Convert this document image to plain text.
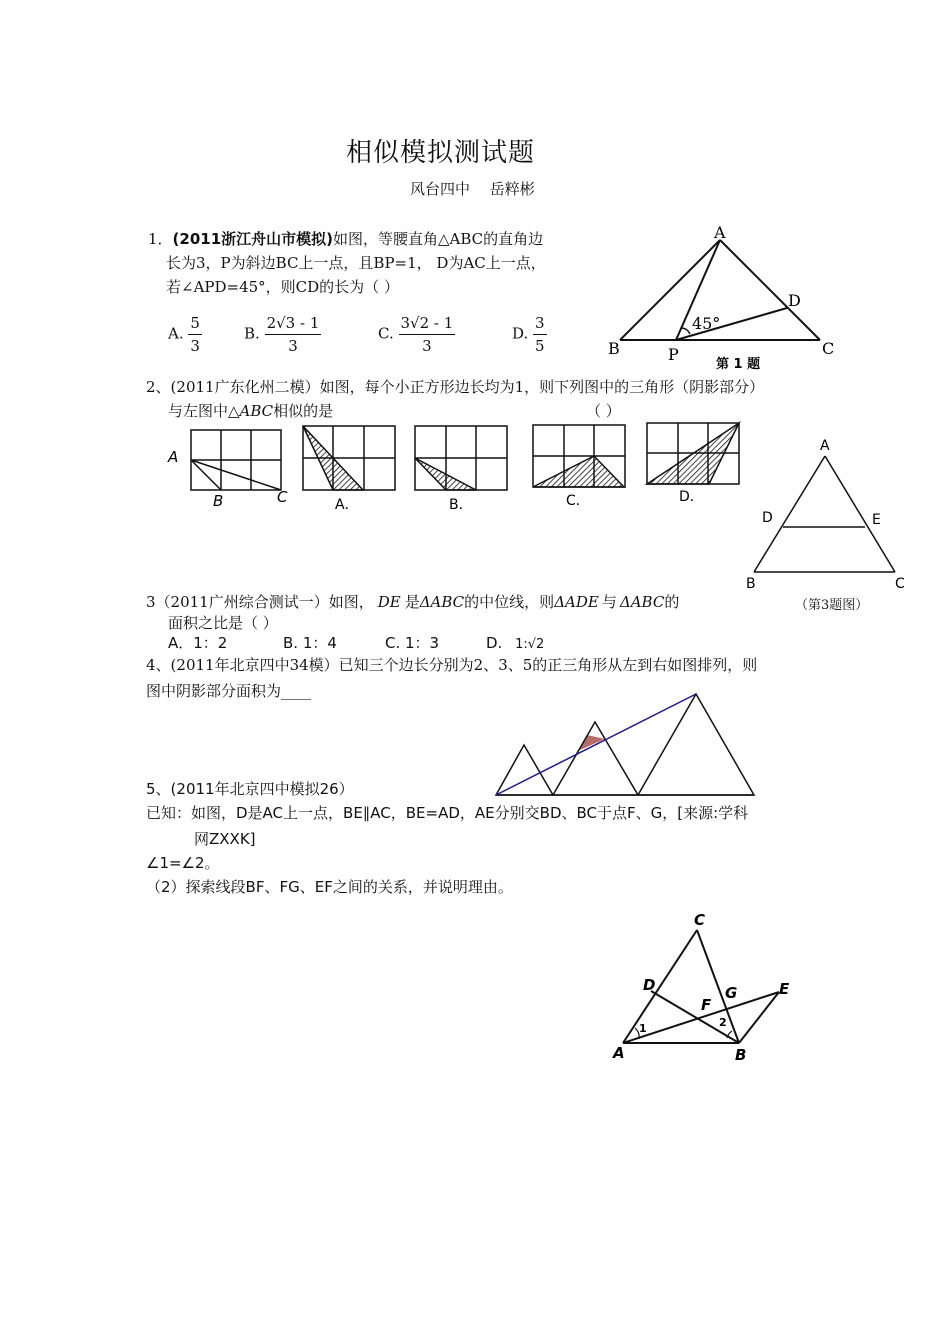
相似模拟测试题
风台四中　 岳粹彬
1．(2011浙江舟山市模拟)如图，等腰直角△ABC的直角边
长为3，P为斜边BC上一点，且BP=1， D为AC上一点，
若∠APD=45°，则CD的长为（ ）
A. $\frac{5}{3}$	B. $\frac{2√3 - 1}{3}$	C. $\frac{3√2 - 1}{3}$	D. $\frac{3}{5}$
A
B	C
D
P
45°
第 1 题
2、(2011广东化州二模）如图，每个小正方形边长均为1，则下列图中的三角形（阴影部分）
与左图中△ABC相似的是	（ ）
A
B	C	A．	B．	C．	D．
A
D	E
B	C
（第3题图）
3（2011广州综合测试一）如图， DE 是ΔABC的中位线，则ΔADE 与 ΔABC的
面积之比是（ ）
A．1：2	B. 1：4	C. 1：3	D. 1:√2
4、(2011年北京四中34模）已知三个边长分别为2、3、5的正三角形从左到右如图排列，则
图中阴影部分面积为____
5、(2011年北京四中模拟26）
已知：如图，D是AC上一点，BE∥AC，BE=AD，AE分别交BD、BC于点F、G，[来源:学科
网ZXXK]
∠1=∠2。
（2）探索线段BF、FG、EF之间的关系，并说明理由。
C
D
F
G	E
A	B
1	2
